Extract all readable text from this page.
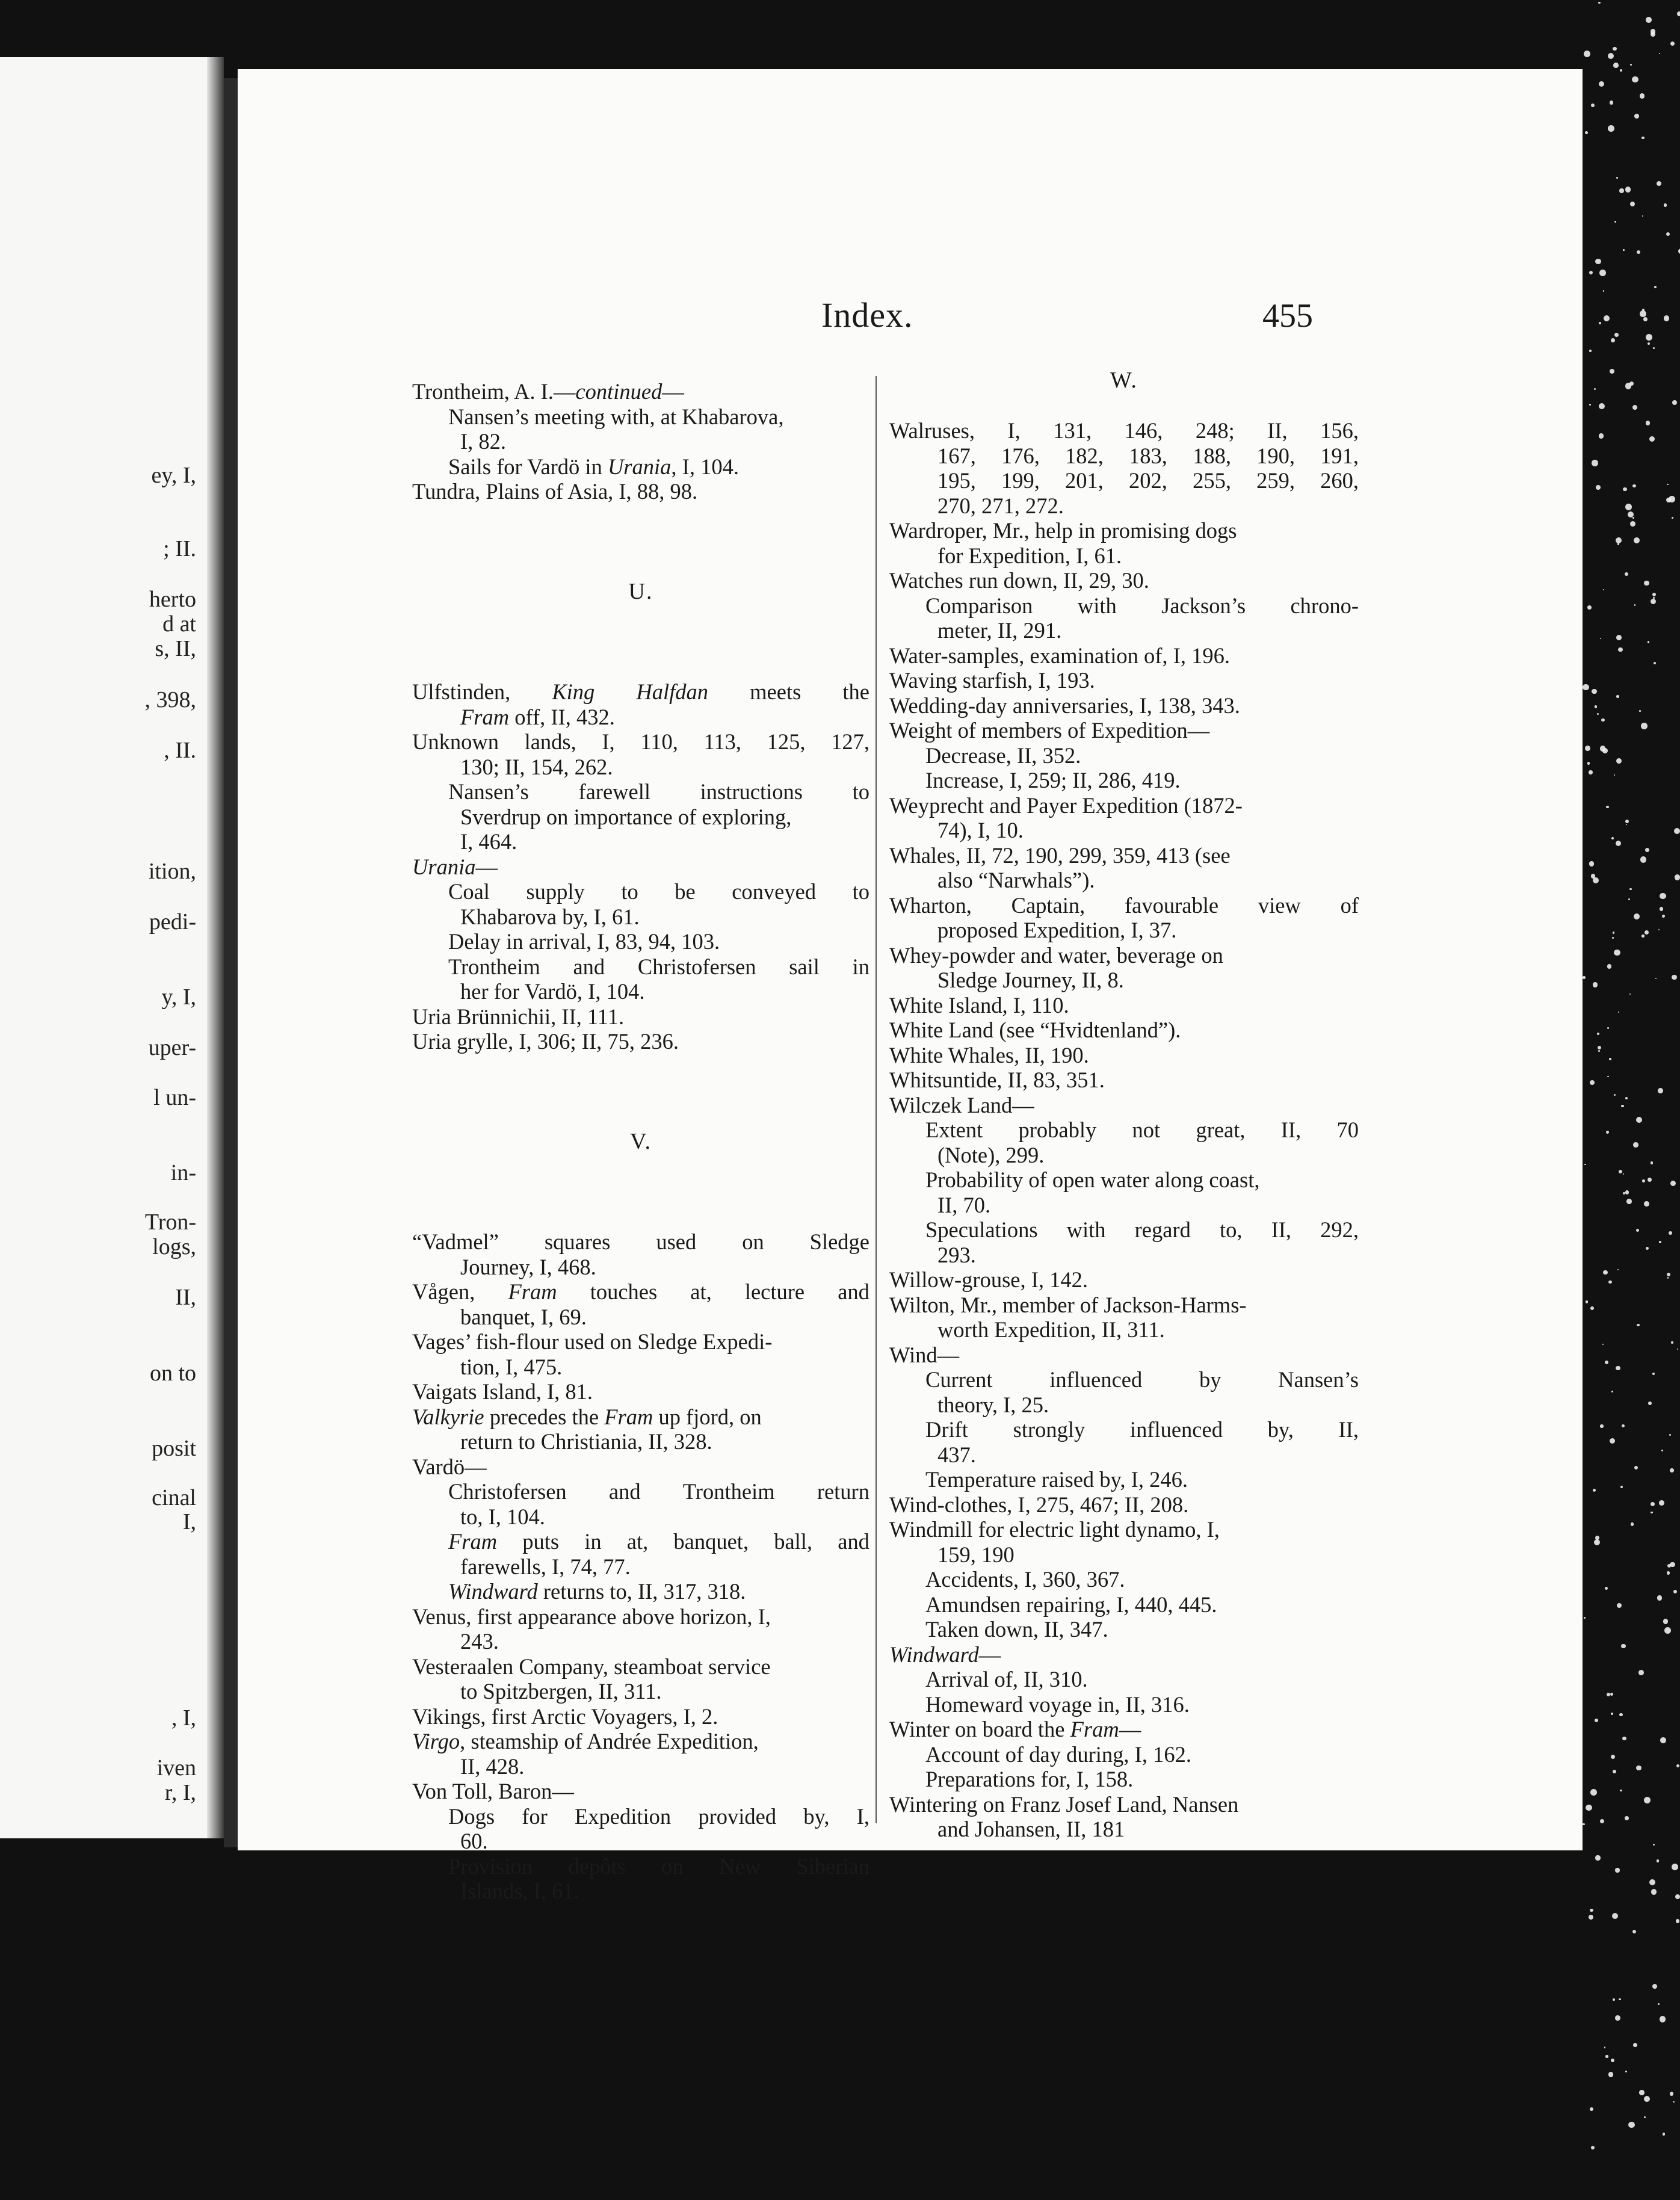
ey, I,
; II.
herto
d at
s, II,
, 398,
, II.
ition,
pedi-
y, I,
uper-
l un-
in-
Tron-
logs,
II,
on to
posit
cinal
I,
, I,
iven
r, I,
Index.	455
Trontheim, A. I.—continued—
Nansen’s meeting with, at Khabarova,
I, 82.
Sails for Vardö in Urania, I, 104.
Tundra, Plains of Asia, I, 88, 98.
U.
Ulfstinden, King Halfdan meets the
Fram off, II, 432.
Unknown lands, I, 110, 113, 125, 127,
130; II, 154, 262.
Nansen’s farewell instructions to
Sverdrup on importance of exploring,
I, 464.
Urania—
Coal supply to be conveyed to
Khabarova by, I, 61.
Delay in arrival, I, 83, 94, 103.
Trontheim and Christofersen sail in
her for Vardö, I, 104.
Uria Brünnichii, II, 111.
Uria grylle, I, 306; II, 75, 236.
V.
“Vadmel” squares used on Sledge
Journey, I, 468.
Vågen, Fram touches at, lecture and
banquet, I, 69.
Vages’ fish-flour used on Sledge Expedi-
tion, I, 475.
Vaigats Island, I, 81.
Valkyrie precedes the Fram up fjord, on
return to Christiania, II, 328.
Vardö—
Christofersen and Trontheim return
to, I, 104.
Fram puts in at, banquet, ball, and
farewells, I, 74, 77.
Windward returns to, II, 317, 318.
Venus, first appearance above horizon, I,
243.
Vesteraalen Company, steamboat service
to Spitzbergen, II, 311.
Vikings, first Arctic Voyagers, I, 2.
Virgo, steamship of Andrée Expedition,
II, 428.
Von Toll, Baron—
Dogs for Expedition provided by, I,
60.
Provision depôts on New Siberian
Islands, I, 61.
W.
Walruses, I, 131, 146, 248; II, 156,
167, 176, 182, 183, 188, 190, 191,
195, 199, 201, 202, 255, 259, 260,
270, 271, 272.
Wardroper, Mr., help in promising dogs
for Expedition, I, 61.
Watches run down, II, 29, 30.
Comparison with Jackson’s chrono-
meter, II, 291.
Water-samples, examination of, I, 196.
Waving starfish, I, 193.
Wedding-day anniversaries, I, 138, 343.
Weight of members of Expedition—
Decrease, II, 352.
Increase, I, 259; II, 286, 419.
Weyprecht and Payer Expedition (1872-
74), I, 10.
Whales, II, 72, 190, 299, 359, 413 (see
also “Narwhals”).
Wharton, Captain, favourable view of
proposed Expedition, I, 37.
Whey-powder and water, beverage on
Sledge Journey, II, 8.
White Island, I, 110.
White Land (see “Hvidtenland”).
White Whales, II, 190.
Whitsuntide, II, 83, 351.
Wilczek Land—
Extent probably not great, II, 70
(Note), 299.
Probability of open water along coast,
II, 70.
Speculations with regard to, II, 292,
293.
Willow-grouse, I, 142.
Wilton, Mr., member of Jackson-Harms-
worth Expedition, II, 311.
Wind—
Current	influenced	by	Nansen’s
theory, I, 25.
Drift strongly influenced by, II,
437.
Temperature raised by, I, 246.
Wind-clothes, I, 275, 467; II, 208.
Windmill for electric light dynamo, I,
159, 190
Accidents, I, 360, 367.
Amundsen repairing, I, 440, 445.
Taken down, II, 347.
Windward—
Arrival of, II, 310.
Homeward voyage in, II, 316.
Winter on board the Fram—
Account of day during, I, 162.
Preparations for, I, 158.
Wintering on Franz Josef Land, Nansen
and Johansen, II, 181
